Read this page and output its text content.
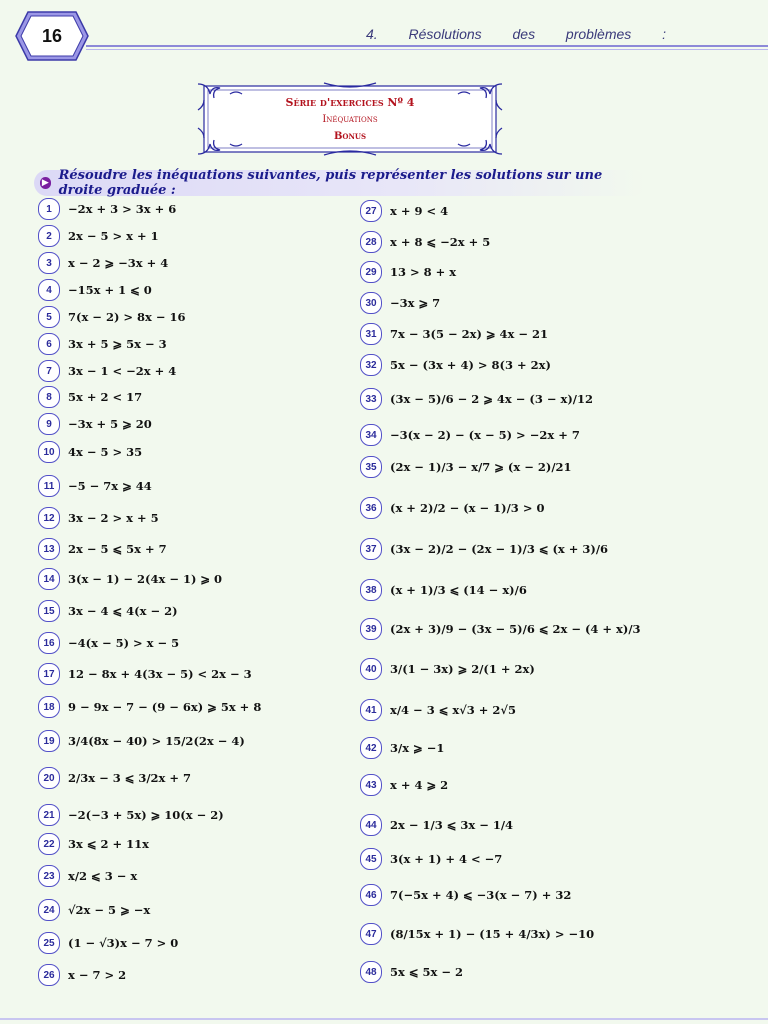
16	4. Résolutions des problèmes :
Série d'exercices Nº 4
Inéquations
Bonus
▶ Résoudre les inéquations suivantes, puis représenter les solutions sur une droite graduée :
1	−2x + 3 > 3x + 6
2	2x − 5 > x + 1
3	x − 2 ⩾ −3x + 4
4	−15x + 1 ⩽ 0
5	7(x − 2) > 8x − 16
6	3x + 5 ⩾ 5x − 3
7	3x − 1 < −2x + 4
8	5x + 2 < 17
9	−3x + 5 ⩾ 20
10	4x − 5 > 35
11	−5 − 7x ⩾ 44
12	3x − 2 > x + 5
13	2x − 5 ⩽ 5x + 7
14	3(x − 1) − 2(4x − 1) ⩾ 0
15	3x − 4 ⩽ 4(x − 2)
16	−4(x − 5) > x − 5
17	12 − 8x + 4(3x − 5) < 2x − 3
18	9 − 9x − 7 − (9 − 6x) ⩾ 5x + 8
19	3/4(8x − 40) > 15/2(2x − 4)
20	2/3x − 3 ⩽ 3/2x + 7
21	−2(−3 + 5x) ⩾ 10(x − 2)
22	3x ⩽ 2 + 11x
23	x/2 ⩽ 3 − x
24	√2x − 5 ⩾ −x
25	(1 − √3)x − 7 > 0
26	x − 7 > 2
27	x + 9 < 4
28	x + 8 ⩽ −2x + 5
29	13 > 8 + x
30	−3x ⩾ 7
31	7x − 3(5 − 2x) ⩾ 4x − 21
32	5x − (3x + 4) > 8(3 + 2x)
33	(3x − 5)/6 − 2 ⩾ 4x − (3 − x)/12
34	−3(x − 2) − (x − 5) > −2x + 7
35	(2x − 1)/3 − x/7 ⩾ (x − 2)/21
36	(x + 2)/2 − (x − 1)/3 > 0
37	(3x − 2)/2 − (2x − 1)/3 ⩽ (x + 3)/6
38	(x + 1)/3 ⩽ (14 − x)/6
39	(2x + 3)/9 − (3x − 5)/6 ⩽ 2x − (4 + x)/3
40	3/(1 − 3x) ⩾ 2/(1 + 2x)
41	x/4 − 3 ⩽ x√3 + 2√5
42	3/x ⩾ −1
43	x + 4 ⩾ 2
44	2x − 1/3 ⩽ 3x − 1/4
45	3(x + 1) + 4 < −7
46	7(−5x + 4) ⩽ −3(x − 7) + 32
47	(8/15x + 1) − (15 + 4/3x) > −10
48	5x ⩽ 5x − 2
